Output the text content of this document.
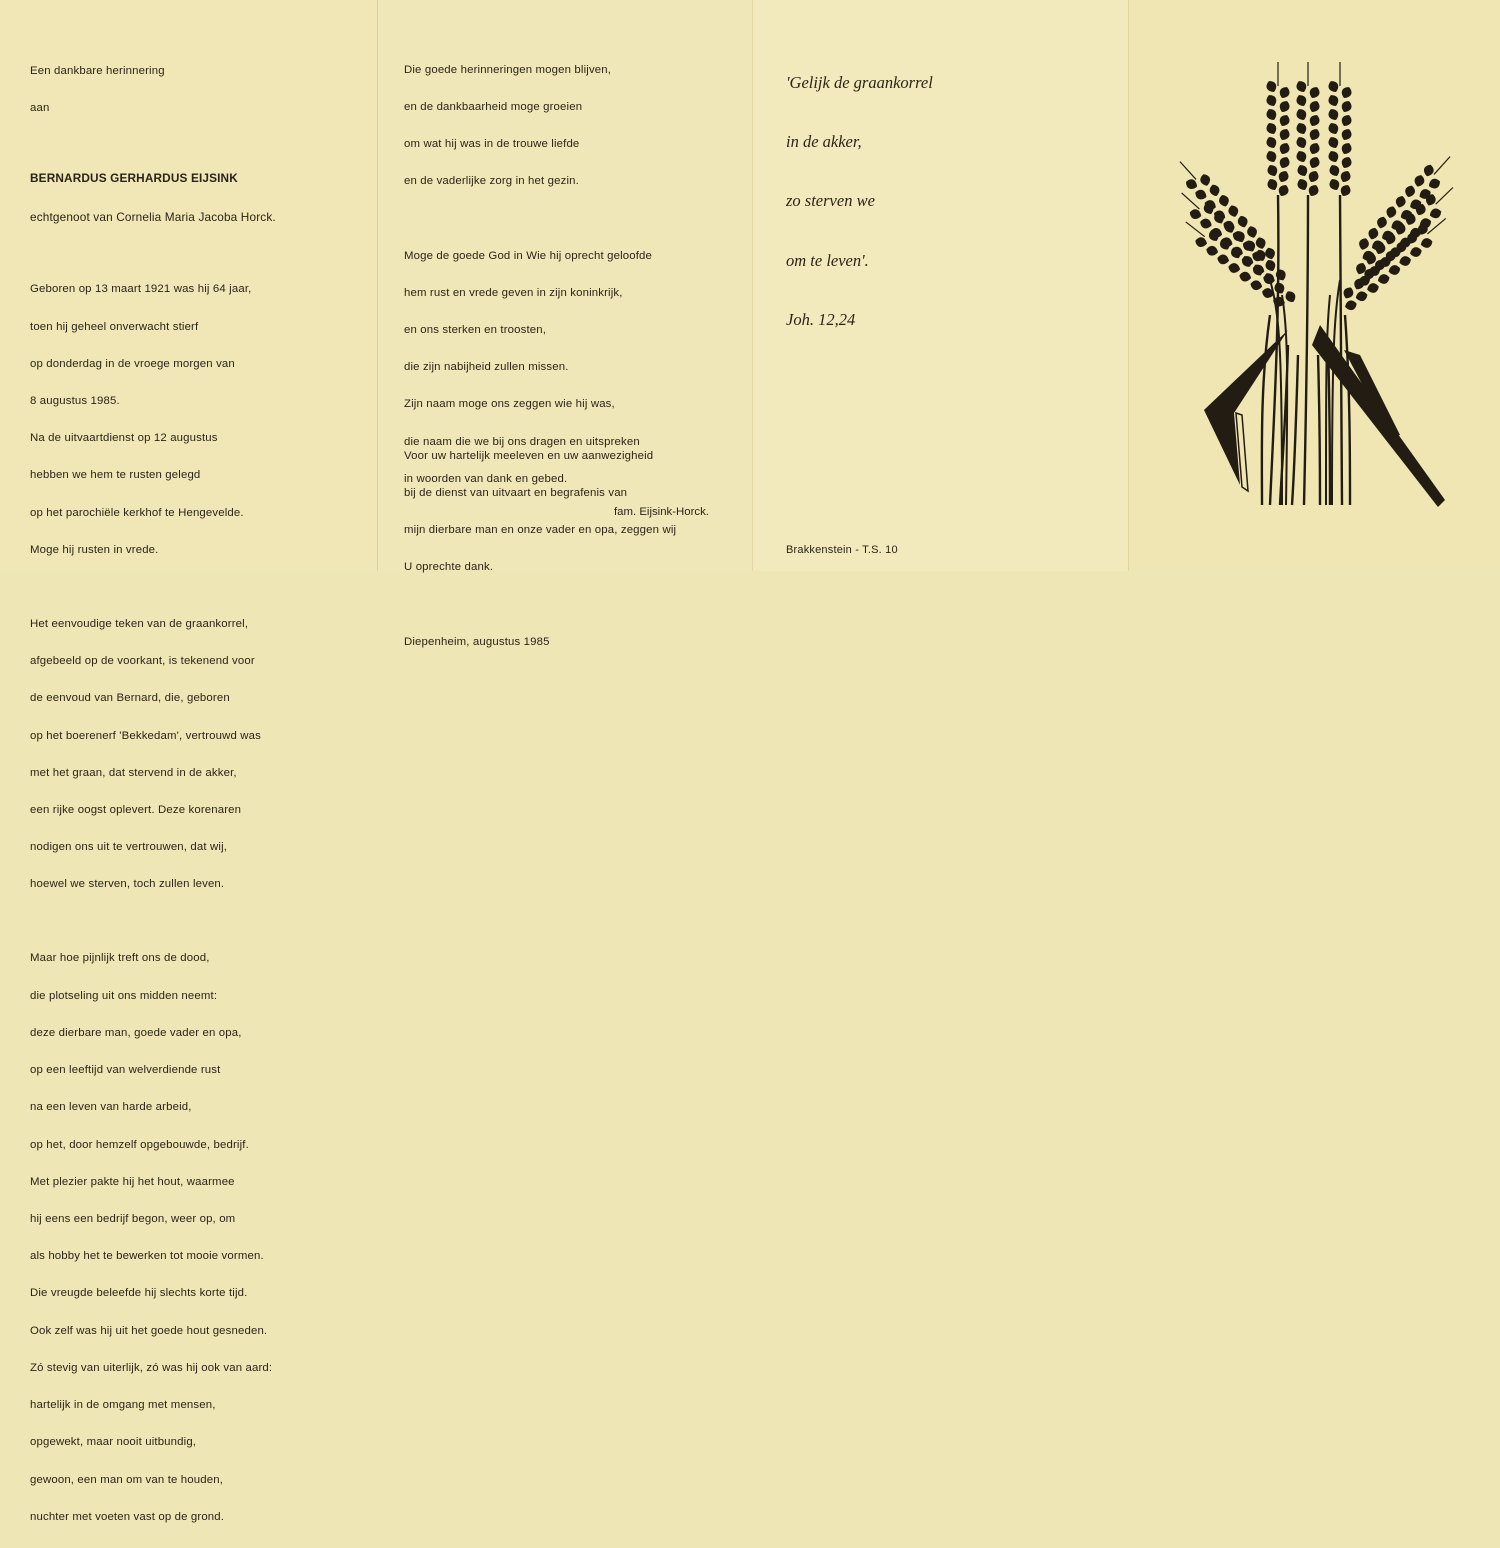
Een dankbare herinnering

aan

BERNARDUS GERHARDUS EIJSINK

echtgenoot van Cornelia Maria Jacoba Horck.

Geboren op 13 maart 1921 was hij 64 jaar,

toen hij geheel onverwacht stierf

op donderdag in de vroege morgen van

8 augustus 1985.

Na de uitvaartdienst op 12 augustus

hebben we hem te rusten gelegd

op het parochiële kerkhof te Hengevelde.

Moge hij rusten in vrede.

Het eenvoudige teken van de graankorrel,

afgebeeld op de voorkant, is tekenend voor

de eenvoud van Bernard, die, geboren

op het boerenerf 'Bekkedam', vertrouwd was

met het graan, dat stervend in de akker,

een rijke oogst oplevert. Deze korenaren

nodigen ons uit te vertrouwen, dat wij,

hoewel we sterven, toch zullen leven.

Maar hoe pijnlijk treft ons de dood,

die plotseling uit ons midden neemt:

deze dierbare man, goede vader en opa,

op een leeftijd van welverdiende rust

na een leven van harde arbeid,

op het, door hemzelf opgebouwde, bedrijf.

Met plezier pakte hij het hout, waarmee

hij eens een bedrijf begon, weer op, om

als hobby het te bewerken tot mooie vormen.

Die vreugde beleefde hij slechts korte tijd.

Ook zelf was hij uit het goede hout gesneden.

Zó stevig van uiterlijk, zó was hij ook van aard:

hartelijk in de omgang met mensen,

opgewekt, maar nooit uitbundig,

gewoon, een man om van te houden,

nuchter met voeten vast op de grond.

Die goede herinneringen mogen blijven,

en de dankbaarheid moge groeien

om wat hij was in de trouwe liefde

en de vaderlijke zorg in het gezin.

Moge de goede God in Wie hij oprecht geloofde

hem rust en vrede geven in zijn koninkrijk,

en ons sterken en troosten,

die zijn nabijheid zullen missen.

Zijn naam moge ons zeggen wie hij was,

die naam die we bij ons dragen en uitspreken

in woorden van dank en gebed.

Voor uw hartelijk meeleven en uw aanwezigheid

bij de dienst van uitvaart en begrafenis van

mijn dierbare man en onze vader en opa, zeggen wij

U oprechte dank.

Diepenheim, augustus 1985

fam. Eijsink-Horck.

'Gelijk de graankorrel

in de akker,

zo sterven we

om te leven'.

Joh. 12,24

Brakkenstein - T.S. 10
